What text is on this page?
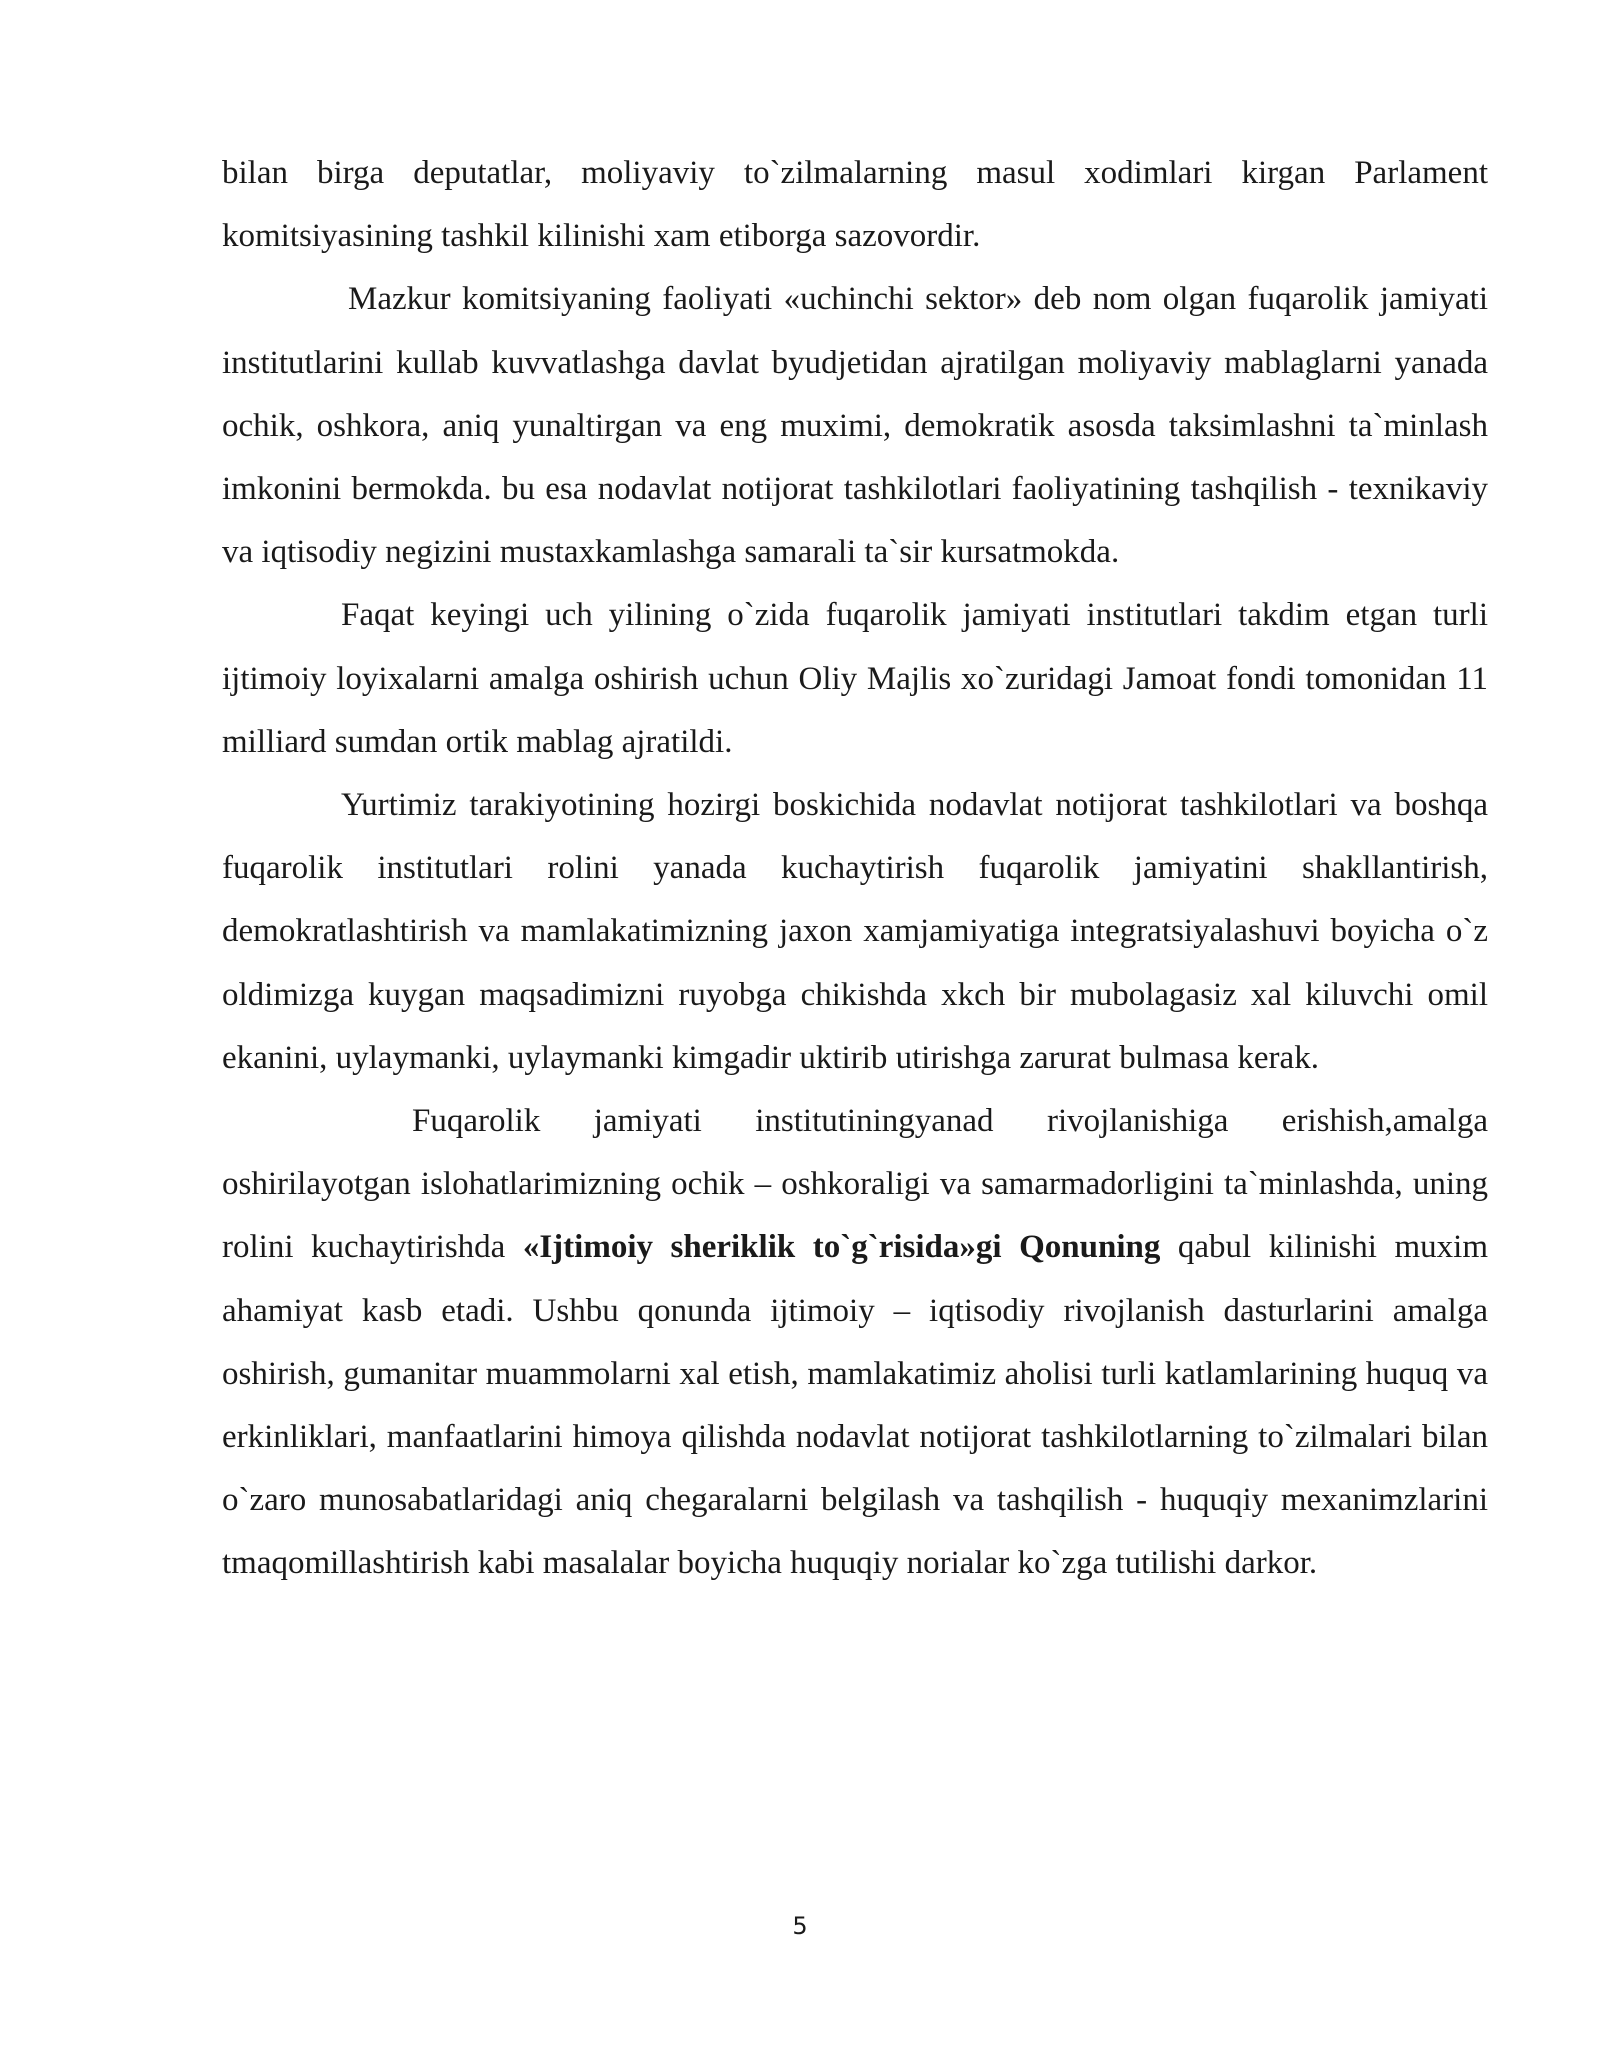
bilan birga deputatlar, moliyaviy to`zilmalarning masul xodimlari kirgan Parlament komitsiyasining tashkil kilinishi xam etiborga sazovordir.

Mazkur komitsiyaning faoliyati «uchinchi sektor» deb nom olgan fuqarolik jamiyati institutlarini kullab kuvvatlashga davlat byudjetidan ajratilgan moliyaviy mablaglarni yanada ochik, oshkora, aniq yunaltirgan va eng muximi, demokratik asosda taksimlashni ta`minlash imkonini bermokda. bu esa nodavlat notijorat tashkilotlari faoliyatining tashqilish - texnikaviy va iqtisodiy negizini mustaxkamlashga samarali ta`sir kursatmokda.

Faqat keyingi uch yilining o`zida fuqarolik jamiyati institutlari takdim etgan turli ijtimoiy loyixalarni amalga oshirish uchun Oliy Majlis xo`zuridagi Jamoat fondi tomonidan 11 milliard sumdan ortik mablag ajratildi.

Yurtimiz tarakiyotining hozirgi boskichida nodavlat notijorat tashkilotlari va boshqa fuqarolik institutlari rolini yanada kuchaytirish fuqarolik jamiyatini shakllantirish, demokratlashtirish va mamlakatimizning jaxon xamjamiyatiga integratsiyalashuvi boyicha o`z oldimizga kuygan maqsadimizni ruyobga chikishda xkch bir mubolagasiz xal kiluvchi omil ekanini, uylaymanki, uylaymanki kimgadir uktirib utirishga zarurat bulmasa kerak.

Fuqarolik jamiyati institutiningyanad rivojlanishiga erishish,amalga oshirilayotgan islohatlarimizning ochik – oshkoraligi va samarmadorligini ta`minlashda, uning rolini kuchaytirishda «Ijtimoiy sheriklik to`g`risida»gi Qonuning qabul kilinishi muxim ahamiyat kasb etadi. Ushbu qonunda ijtimoiy – iqtisodiy rivojlanish dasturlarini amalga oshirish, gumanitar muammolarni xal etish, mamlakatimiz aholisi turli katlamlarining huquq va erkinliklari, manfaatlarini himoya qilishda nodavlat notijorat tashkilotlarning to`zilmalari bilan o`zaro munosabatlaridagi aniq chegaralarni belgilash va tashqilish - huquqiy mexanimzlarini tmaqomillashtirish kabi masalalar boyicha huquqiy norialar ko`zga tutilishi darkor.

5
